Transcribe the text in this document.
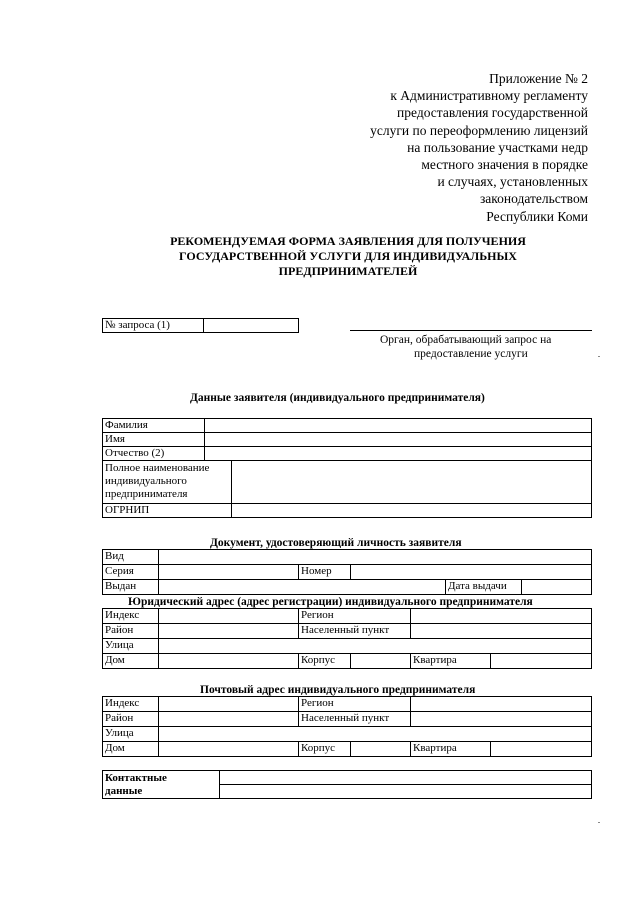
Приложение № 2
к Административному регламенту
предоставления государственной
услуги по переоформлению лицензий
на пользование участками недр
местного значения в порядке
и случаях, установленных
законодательством
Республики Коми
РЕКОМЕНДУЕМАЯ ФОРМА ЗАЯВЛЕНИЯ ДЛЯ ПОЛУЧЕНИЯ
ГОСУДАРСТВЕННОЙ УСЛУГИ ДЛЯ ИНДИВИДУАЛЬНЫХ
ПРЕДПРИНИМАТЕЛЕЙ
№ запроса (1)	
Орган, обрабатывающий запрос на
предоставление услуги
Данные заявителя (индивидуального предпринимателя)
Фамилия		
Имя		
Отчество (2)		

Полное наименование
индивидуального
предпринимателя		

ОГРНИП		
Документ, удостоверяющий личность заявителя
Вид					
Серия		Номер			
Выдан				Дата выдачи	
Юридический адрес (адрес регистрации) индивидуального предпринимателя
Индекс		Регион			
Район		Населенный пункт			
Улица					
Дом		Корпус		Квартира	
Почтовый адрес индивидуального предпринимателя
Индекс		Регион			
Район		Населенный пункт			
Улица					
Дом		Корпус		Квартира	
Контактные
данные
